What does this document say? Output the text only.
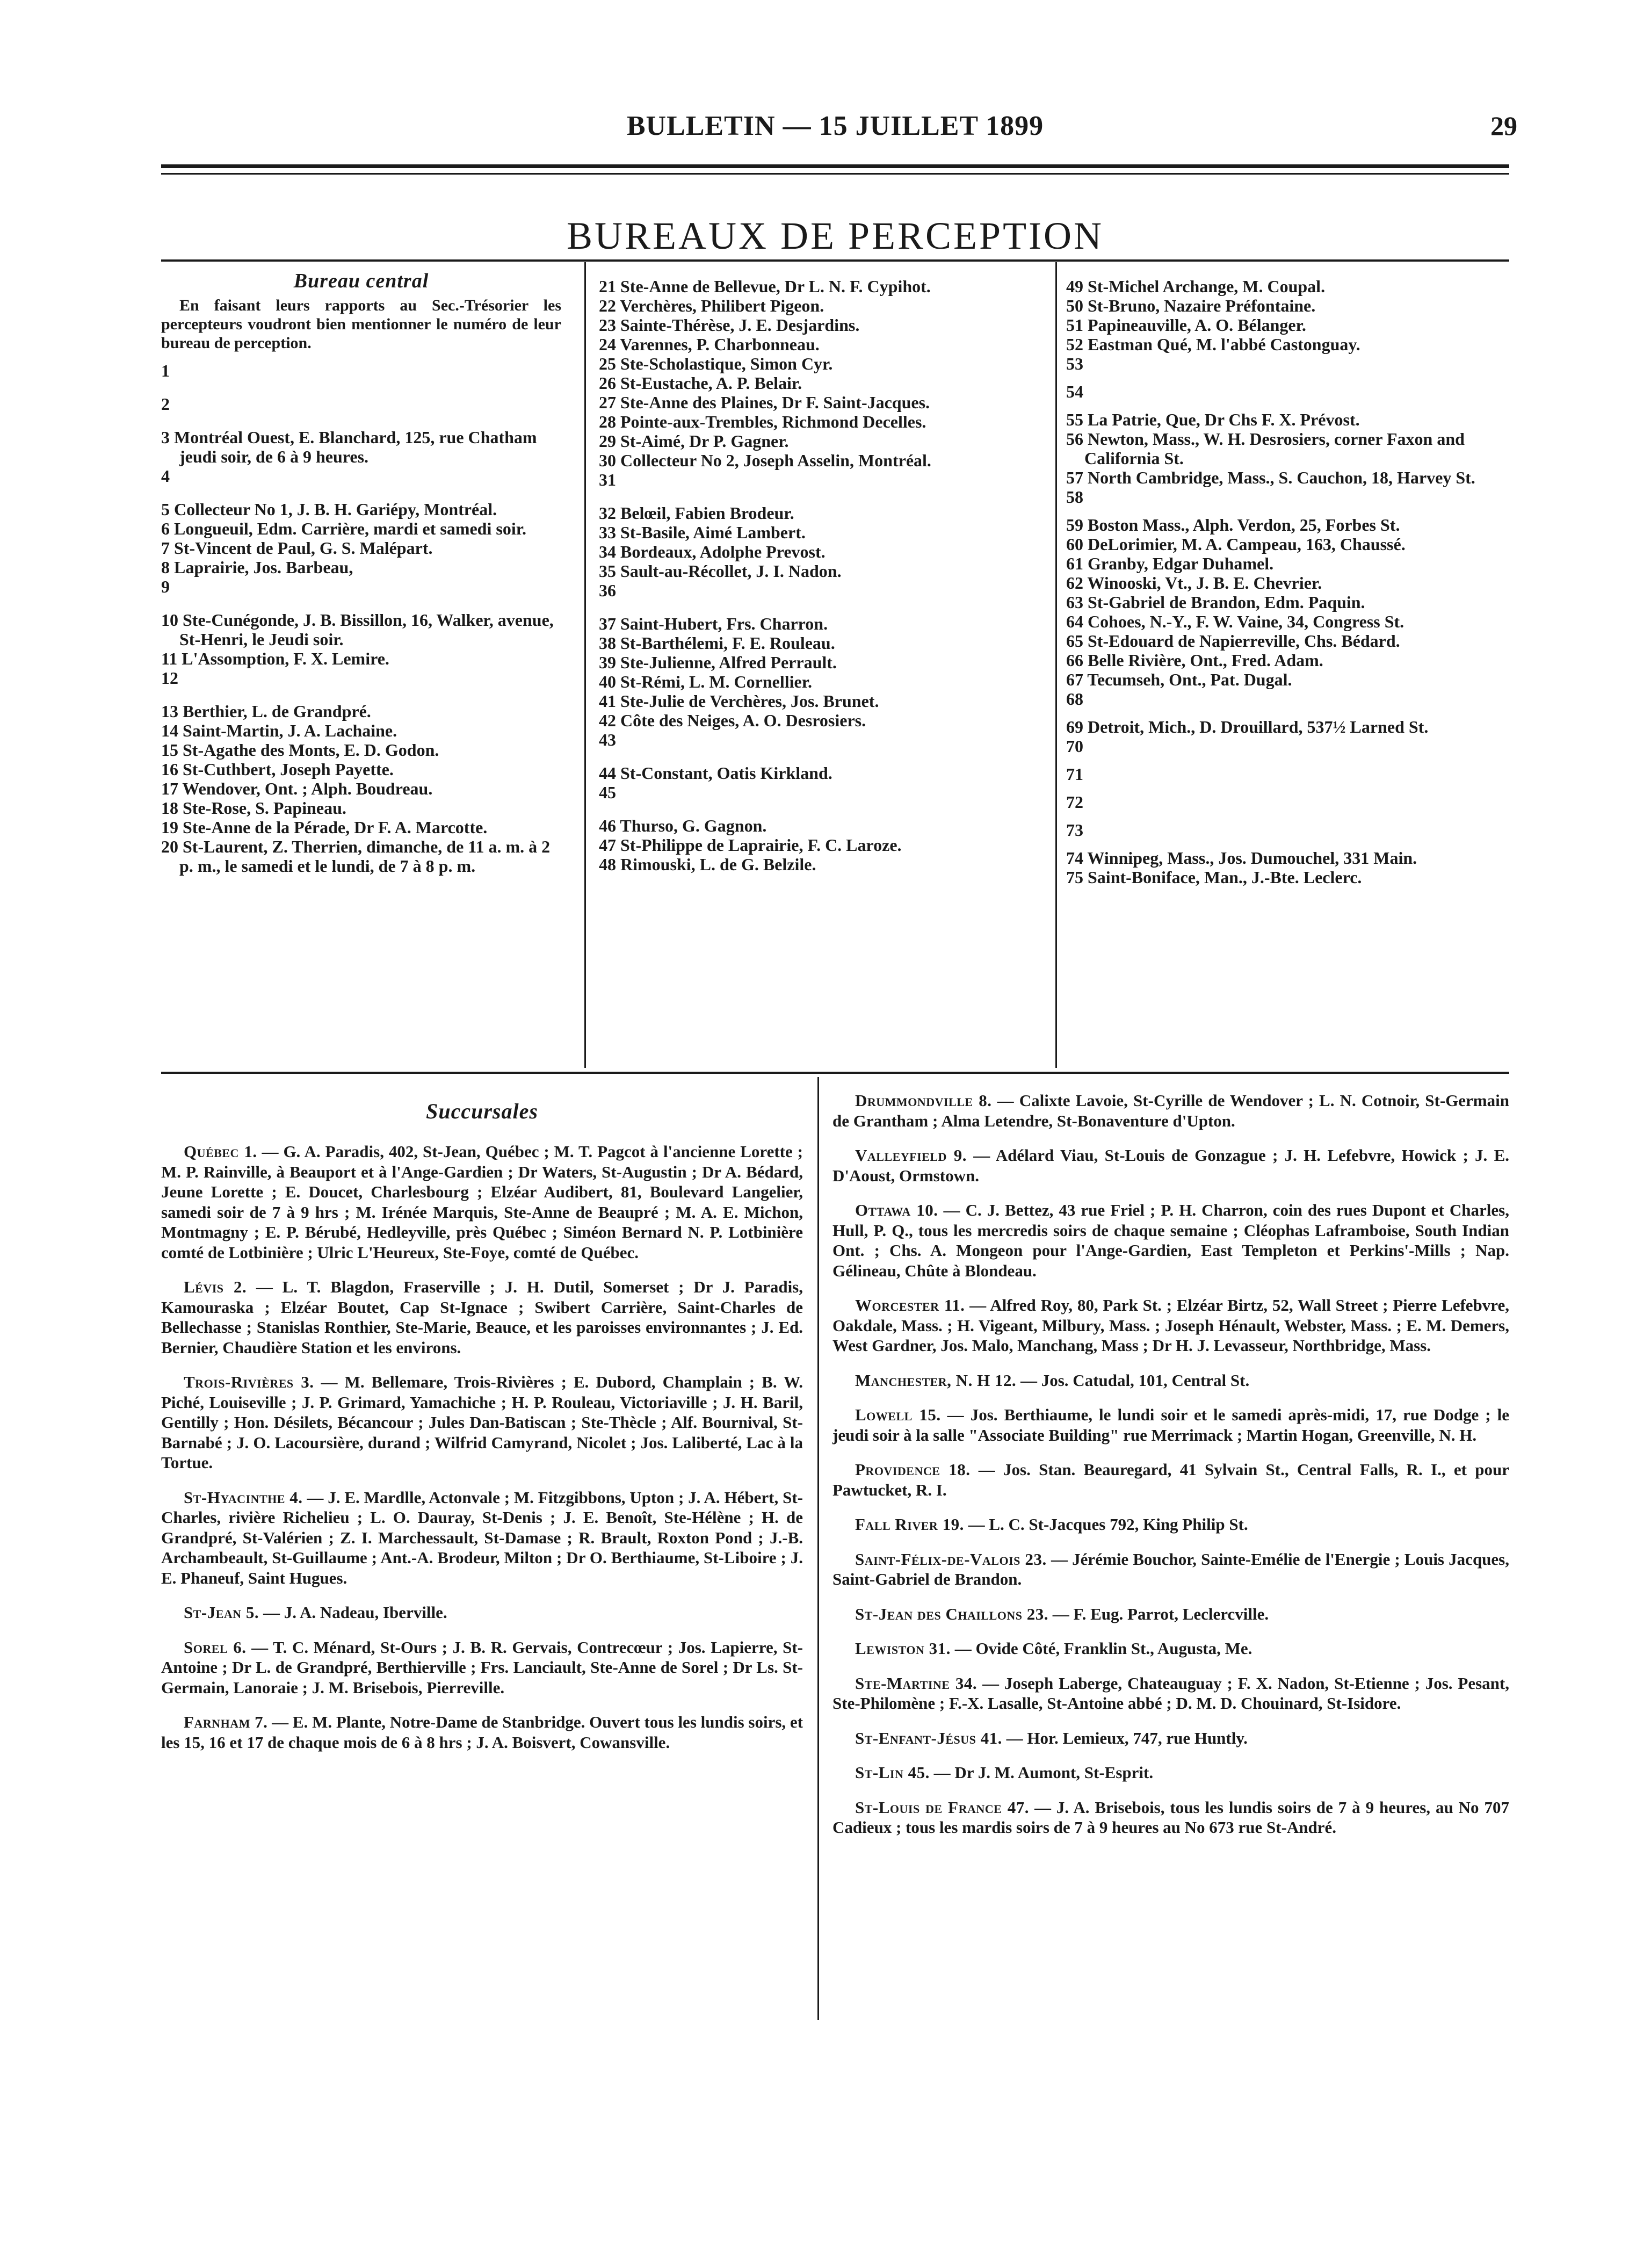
BULLETIN — 15 JUILLET 1899	29
BUREAUX DE PERCEPTION
Bureau central

En faisant leurs rapports au Sec.-Trésorier les percepteurs voudront bien mentionner le numéro de leur bureau de perception.

1

2

3 Montréal Ouest, E. Blanchard, 125, rue Chatham jeudi soir, de 6 à 9 heures.

4

5 Collecteur No 1, J. B. H. Gariépy, Montréal.

6 Longueuil, Edm. Carrière, mardi et samedi soir.

7 St-Vincent de Paul, G. S. Malépart.

8 Laprairie, Jos. Barbeau,

9

10 Ste-Cunégonde, J. B. Bissillon, 16, Walker, avenue, St-Henri, le Jeudi soir.

11 L'Assomption, F. X. Lemire.

12

13 Berthier, L. de Grandpré.

14 Saint-Martin, J. A. Lachaine.

15 St-Agathe des Monts, E. D. Godon.

16 St-Cuthbert, Joseph Payette.

17 Wendover, Ont. ; Alph. Boudreau.

18 Ste-Rose, S. Papineau.

19 Ste-Anne de la Pérade, Dr F. A. Marcotte.

20 St-Laurent, Z. Therrien, dimanche, de 11 a. m. à 2 p. m., le samedi et le lundi, de 7 à 8 p. m.

21 Ste-Anne de Bellevue, Dr L. N. F. Cypihot.

22 Verchères, Philibert Pigeon.

23 Sainte-Thérèse, J. E. Desjardins.

24 Varennes, P. Charbonneau.

25 Ste-Scholastique, Simon Cyr.

26 St-Eustache, A. P. Belair.

27 Ste-Anne des Plaines, Dr F. Saint-Jacques.

28 Pointe-aux-Trembles, Richmond Decelles.

29 St-Aimé, Dr P. Gagner.

30 Collecteur No 2, Joseph Asselin, Montréal.

31

32 Belœil, Fabien Brodeur.

33 St-Basile, Aimé Lambert.

34 Bordeaux, Adolphe Prevost.

35 Sault-au-Récollet, J. I. Nadon.

36

37 Saint-Hubert, Frs. Charron.

38 St-Barthélemi, F. E. Rouleau.

39 Ste-Julienne, Alfred Perrault.

40 St-Rémi, L. M. Cornellier.

41 Ste-Julie de Verchères, Jos. Brunet.

42 Côte des Neiges, A. O. Desrosiers.

43

44 St-Constant, Oatis Kirkland.

45

46 Thurso, G. Gagnon.

47 St-Philippe de Laprairie, F. C. Laroze.

48 Rimouski, L. de G. Belzile.

49 St-Michel Archange, M. Coupal.

50 St-Bruno, Nazaire Préfontaine.

51 Papineauville, A. O. Bélanger.

52 Eastman Qué, M. l'abbé Castonguay.

53

54

55 La Patrie, Que, Dr Chs F. X. Prévost.

56 Newton, Mass., W. H. Desrosiers, corner Faxon and California St.

57 North Cambridge, Mass., S. Cauchon, 18, Harvey St.

58

59 Boston Mass., Alph. Verdon, 25, Forbes St.

60 DeLorimier, M. A. Campeau, 163, Chaussé.

61 Granby, Edgar Duhamel.

62 Winooski, Vt., J. B. E. Chevrier.

63 St-Gabriel de Brandon, Edm. Paquin.

64 Cohoes, N.-Y., F. W. Vaine, 34, Congress St.

65 St-Edouard de Napierreville, Chs. Bédard.

66 Belle Rivière, Ont., Fred. Adam.

67 Tecumseh, Ont., Pat. Dugal.

68

69 Detroit, Mich., D. Drouillard, 537½ Larned St.

70

71

72

73

74 Winnipeg, Mass., Jos. Dumouchel, 331 Main.

75 Saint-Boniface, Man., J.-Bte. Leclerc.

Succursales

Québec 1. — G. A. Paradis, 402, St-Jean, Québec ; M. T. Pagcot à l'ancienne Lorette ; M. P. Rainville, à Beauport et à l'Ange-Gardien ; Dr Waters, St-Augustin ; Dr A. Bédard, Jeune Lorette ; E. Doucet, Charlesbourg ; Elzéar Audibert, 81, Boulevard Langelier, samedi soir de 7 à 9 hrs ; M. Irénée Marquis, Ste-Anne de Beaupré ; M. A. E. Michon, Montmagny ; E. P. Bérubé, Hedleyville, près Québec ; Siméon Bernard N. P. Lotbinière comté de Lotbinière ; Ulric L'Heureux, Ste-Foye, comté de Québec.

Lévis 2. — L. T. Blagdon, Fraserville ; J. H. Dutil, Somerset ; Dr J. Paradis, Kamouraska ; Elzéar Boutet, Cap St-Ignace ; Swibert Carrière, Saint-Charles de Bellechasse ; Stanislas Ronthier, Ste-Marie, Beauce, et les paroisses environnantes ; J. Ed. Bernier, Chaudière Station et les environs.

Trois-Rivières 3. — M. Bellemare, Trois-Rivières ; E. Dubord, Champlain ; B. W. Piché, Louiseville ; J. P. Grimard, Yamachiche ; H. P. Rouleau, Victoriaville ; J. H. Baril, Gentilly ; Hon. Désilets, Bécancour ; Jules Dan-Batiscan ; Ste-Thècle ; Alf. Bournival, St-Barnabé ; J. O. Lacoursière, durand ; Wilfrid Camyrand, Nicolet ; Jos. Laliberté, Lac à la Tortue.

St-Hyacinthe 4. — J. E. Mardlle, Actonvale ; M. Fitzgibbons, Upton ; J. A. Hébert, St-Charles, rivière Richelieu ; L. O. Dauray, St-Denis ; J. E. Benoît, Ste-Hélène ; H. de Grandpré, St-Valérien ; Z. I. Marchessault, St-Damase ; R. Brault, Roxton Pond ; J.-B. Archambeault, St-Guillaume ; Ant.-A. Brodeur, Milton ; Dr O. Berthiaume, St-Liboire ; J. E. Phaneuf, Saint Hugues.

St-Jean 5. — J. A. Nadeau, Iberville.

Sorel 6. — T. C. Ménard, St-Ours ; J. B. R. Gervais, Contrecœur ; Jos. Lapierre, St-Antoine ; Dr L. de Grandpré, Berthierville ; Frs. Lanciault, Ste-Anne de Sorel ; Dr Ls. St-Germain, Lanoraie ; J. M. Brisebois, Pierreville.

Farnham 7. — E. M. Plante, Notre-Dame de Stanbridge. Ouvert tous les lundis soirs, et les 15, 16 et 17 de chaque mois de 6 à 8 hrs ; J. A. Boisvert, Cowansville.

Drummondville 8. — Calixte Lavoie, St-Cyrille de Wendover ; L. N. Cotnoir, St-Germain de Grantham ; Alma Letendre, St-Bonaventure d'Upton.

Valleyfield 9. — Adélard Viau, St-Louis de Gonzague ; J. H. Lefebvre, Howick ; J. E. D'Aoust, Ormstown.

Ottawa 10. — C. J. Bettez, 43 rue Friel ; P. H. Charron, coin des rues Dupont et Charles, Hull, P. Q., tous les mercredis soirs de chaque semaine ; Cléophas Laframboise, South Indian Ont. ; Chs. A. Mongeon pour l'Ange-Gardien, East Templeton et Perkins'-Mills ; Nap. Gélineau, Chûte à Blondeau.

Worcester 11. — Alfred Roy, 80, Park St. ; Elzéar Birtz, 52, Wall Street ; Pierre Lefebvre, Oakdale, Mass. ; H. Vigeant, Milbury, Mass. ; Joseph Hénault, Webster, Mass. ; E. M. Demers, West Gardner, Jos. Malo, Manchang, Mass ; Dr H. J. Levasseur, Northbridge, Mass.

Manchester, N. H 12. — Jos. Catudal, 101, Central St.

Lowell 15. — Jos. Berthiaume, le lundi soir et le samedi après-midi, 17, rue Dodge ; le jeudi soir à la salle "Associate Building" rue Merrimack ; Martin Hogan, Greenville, N. H.

Providence 18. — Jos. Stan. Beauregard, 41 Sylvain St., Central Falls, R. I., et pour Pawtucket, R. I.

Fall River 19. — L. C. St-Jacques 792, King Philip St.

Saint-Félix-de-Valois 23. — Jérémie Bouchor, Sainte-Emélie de l'Energie ; Louis Jacques, Saint-Gabriel de Brandon.

St-Jean des Chaillons 23. — F. Eug. Parrot, Leclercville.

Lewiston 31. — Ovide Côté, Franklin St., Augusta, Me.

Ste-Martine 34. — Joseph Laberge, Chateauguay ; F. X. Nadon, St-Etienne ; Jos. Pesant, Ste-Philomène ; F.-X. Lasalle, St-Antoine abbé ; D. M. D. Chouinard, St-Isidore.

St-Enfant-Jésus 41. — Hor. Lemieux, 747, rue Huntly.

St-Lin 45. — Dr J. M. Aumont, St-Esprit.

St-Louis de France 47. — J. A. Brisebois, tous les lundis soirs de 7 à 9 heures, au No 707 Cadieux ; tous les mardis soirs de 7 à 9 heures au No 673 rue St-André.
